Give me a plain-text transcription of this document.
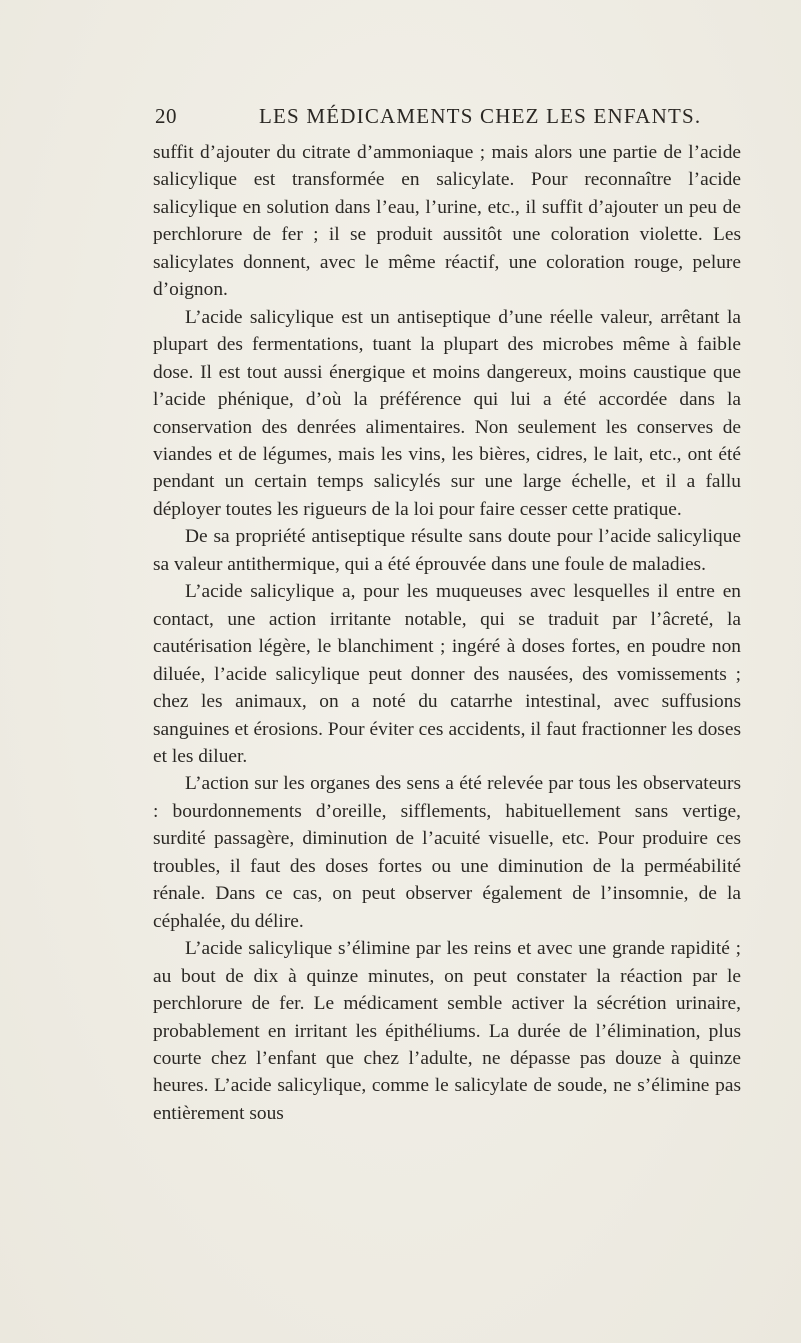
20	LES MÉDICAMENTS CHEZ LES ENFANTS.

suffit d’ajouter du citrate d’ammoniaque ; mais alors une partie de l’acide salicylique est transformée en salicylate. Pour reconnaître l’acide salicylique en solution dans l’eau, l’urine, etc., il suffit d’ajouter un peu de perchlorure de fer ; il se produit aussitôt une coloration violette. Les salicylates donnent, avec le même réactif, une coloration rouge, pelure d’oignon.

L’acide salicylique est un antiseptique d’une réelle valeur, arrêtant la plupart des fermentations, tuant la plupart des microbes même à faible dose. Il est tout aussi énergique et moins dangereux, moins caustique que l’acide phénique, d’où la préférence qui lui a été accordée dans la conservation des denrées alimentaires. Non seulement les conserves de viandes et de légumes, mais les vins, les bières, cidres, le lait, etc., ont été pendant un certain temps salicylés sur une large échelle, et il a fallu déployer toutes les rigueurs de la loi pour faire cesser cette pratique.

De sa propriété antiseptique résulte sans doute pour l’acide salicylique sa valeur antithermique, qui a été éprouvée dans une foule de maladies.

L’acide salicylique a, pour les muqueuses avec lesquelles il entre en contact, une action irritante notable, qui se traduit par l’âcreté, la cautérisation légère, le blanchiment ; ingéré à doses fortes, en poudre non diluée, l’acide salicylique peut donner des nausées, des vomissements ; chez les animaux, on a noté du catarrhe intestinal, avec suffusions sanguines et érosions. Pour éviter ces accidents, il faut fractionner les doses et les diluer.

L’action sur les organes des sens a été relevée par tous les observateurs : bourdonnements d’oreille, sifflements, habituellement sans vertige, surdité passagère, diminution de l’acuité visuelle, etc. Pour produire ces troubles, il faut des doses fortes ou une diminution de la perméabilité rénale. Dans ce cas, on peut observer également de l’insomnie, de la céphalée, du délire.

L’acide salicylique s’élimine par les reins et avec une grande rapidité ; au bout de dix à quinze minutes, on peut constater la réaction par le perchlorure de fer. Le médicament semble activer la sécrétion urinaire, probablement en irritant les épithéliums. La durée de l’élimination, plus courte chez l’enfant que chez l’adulte, ne dépasse pas douze à quinze heures. L’acide salicylique, comme le salicylate de soude, ne s’élimine pas entièrement sous
